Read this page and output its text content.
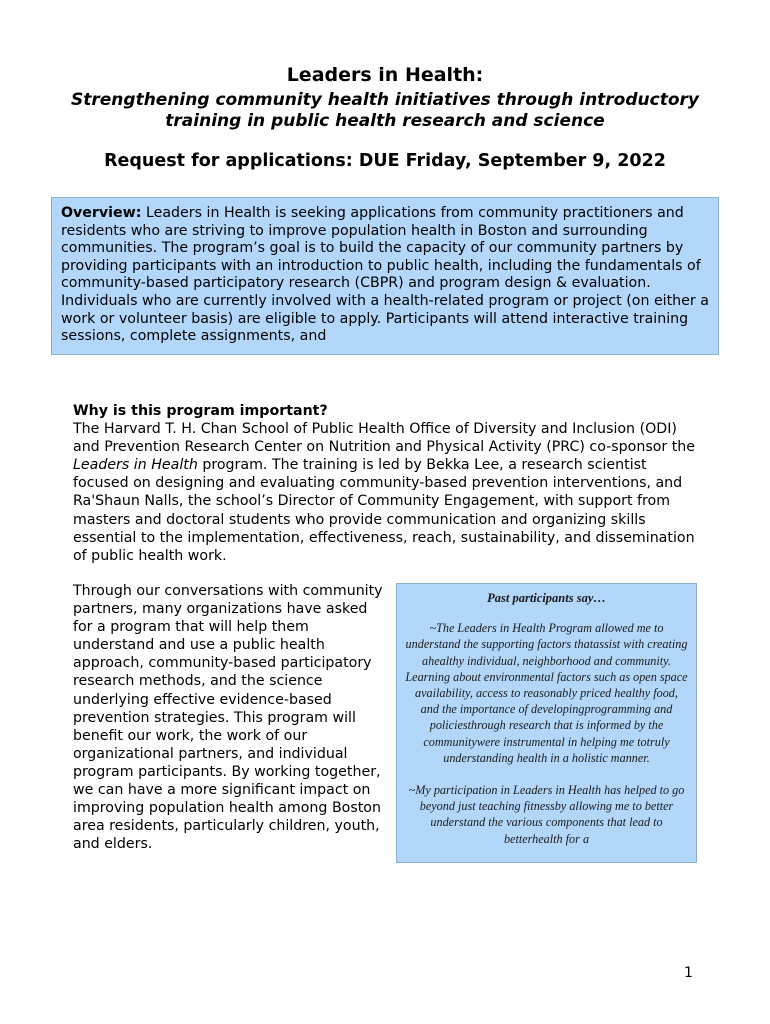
Leaders in Health:
Strengthening community health initiatives through introductory training in public health research and science
Request for applications: DUE Friday, September 9, 2022
Overview: Leaders in Health is seeking applications from community practitioners and residents who are striving to improve population health in Boston and surrounding communities. The program’s goal is to build the capacity of our community partners by providing participants with an introduction to public health, including the fundamentals of community-based participatory research (CBPR) and program design & evaluation. Individuals who are currently involved with a health-related program or project (on either a work or volunteer basis) are eligible to apply. Participants will attend interactive training sessions, complete assignments, and
Why is this program important?
The Harvard T. H. Chan School of Public Health Office of Diversity and Inclusion (ODI) and Prevention Research Center on Nutrition and Physical Activity (PRC) co-sponsor the Leaders in Health program. The training is led by Bekka Lee, a research scientist focused on designing and evaluating community-based prevention interventions, and Ra'Shaun Nalls, the school’s Director of Community Engagement, with support from masters and doctoral students who provide communication and organizing skills essential to the implementation, effectiveness, reach, sustainability, and dissemination of public health work.
Through our conversations with community partners, many organizations have asked for a program that will help them understand and use a public health approach, community-based participatory research methods, and the science underlying effective evidence-based prevention strategies. This program will benefit our work, the work of our organizational partners, and individual program participants. By working together, we can have a more significant impact on improving population health among Boston area residents, particularly children, youth, and elders.
Past participants say…

~The Leaders in Health Program allowed me to understand the supporting factors thatassist with creating ahealthy individual, neighborhood and community. Learning about environmental factors such as open space availability, access to reasonably priced healthy food, and the importance of developingprogramming and policiesthrough research that is informed by the communitywere instrumental in helping me totruly understanding health in a holistic manner.

~My participation in Leaders in Health has helped to go beyond just teaching fitnessby allowing me to better understand the various components that lead to betterhealth for a

1
